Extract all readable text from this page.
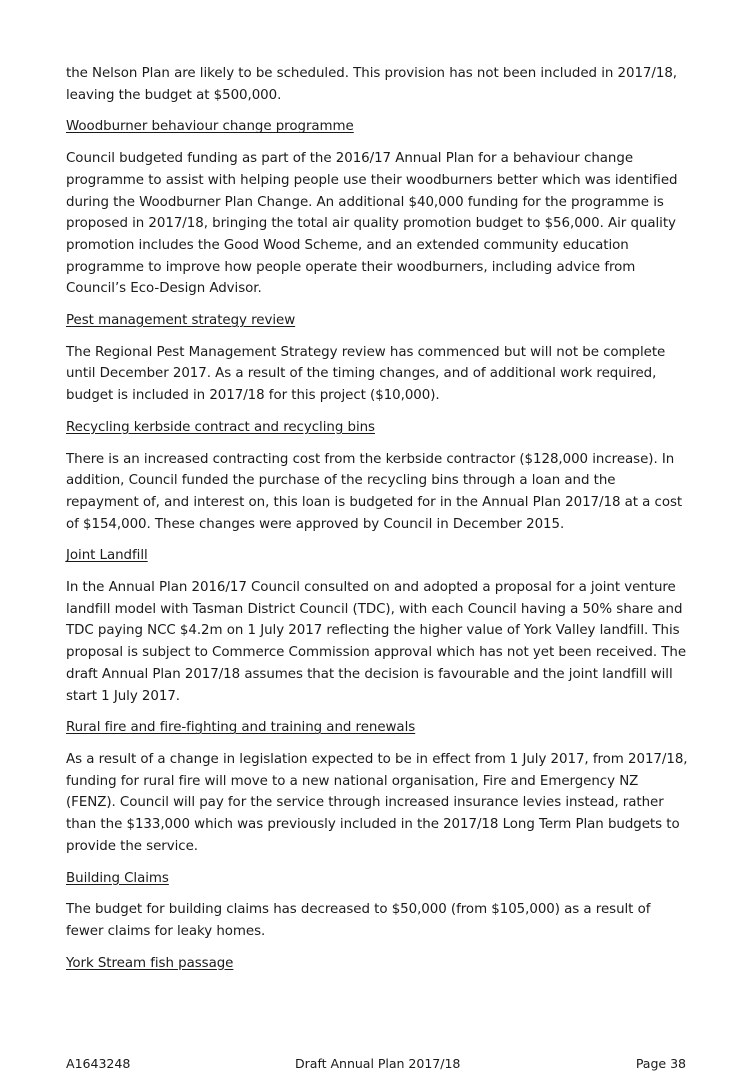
the Nelson Plan are likely to be scheduled. This provision has not been included in 2017/18, leaving the budget at $500,000.

Woodburner behaviour change programme

Council budgeted funding as part of the 2016/17 Annual Plan for a behaviour change programme to assist with helping people use their woodburners better which was identified during the Woodburner Plan Change. An additional $40,000 funding for the programme is proposed in 2017/18, bringing the total air quality promotion budget to $56,000. Air quality promotion includes the Good Wood Scheme, and an extended community education programme to improve how people operate their woodburners, including advice from Council’s Eco-Design Advisor.

Pest management strategy review

The Regional Pest Management Strategy review has commenced but will not be complete until December 2017. As a result of the timing changes, and of additional work required, budget is included in 2017/18 for this project ($10,000).

Recycling kerbside contract and recycling bins

There is an increased contracting cost from the kerbside contractor ($128,000 increase). In addition, Council funded the purchase of the recycling bins through a loan and the repayment of, and interest on, this loan is budgeted for in the Annual Plan 2017/18 at a cost of $154,000. These changes were approved by Council in December 2015.

Joint Landfill

In the Annual Plan 2016/17 Council consulted on and adopted a proposal for a joint venture landfill model with Tasman District Council (TDC), with each Council having a 50% share and TDC paying NCC $4.2m on 1 July 2017 reflecting the higher value of York Valley landfill. This proposal is subject to Commerce Commission approval which has not yet been received. The draft Annual Plan 2017/18 assumes that the decision is favourable and the joint landfill will start 1 July 2017.

Rural fire and fire-fighting and training and renewals

As a result of a change in legislation expected to be in effect from 1 July 2017, from 2017/18, funding for rural fire will move to a new national organisation, Fire and Emergency NZ (FENZ). Council will pay for the service through increased insurance levies instead, rather than the $133,000 which was previously included in the 2017/18 Long Term Plan budgets to provide the service.

Building Claims

The budget for building claims has decreased to $50,000 (from $105,000) as a result of fewer claims for leaky homes.

York Stream fish passage

A1643248	Draft Annual Plan 2017/18	Page 38
